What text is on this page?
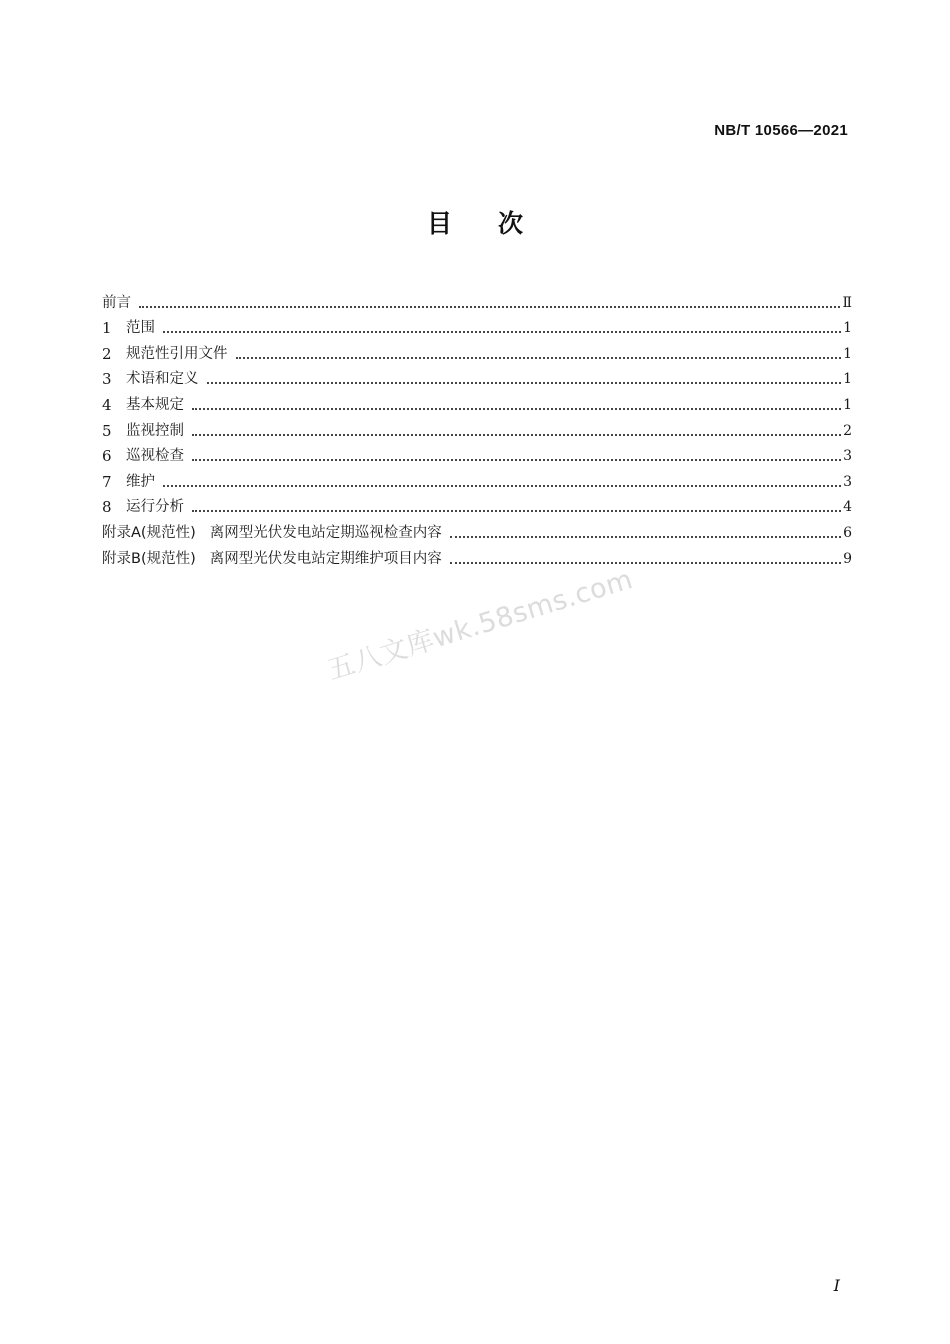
NB/T 10566—2021
目次
前言	Ⅱ
1 范围	1
2 规范性引用文件	1
3 术语和定义	1
4 基本规定	1
5 监视控制	2
6 巡视检查	3
7 维护	3
8 运行分析	4
附录A(规范性) 离网型光伏发电站定期巡视检查内容	6
附录B(规范性) 离网型光伏发电站定期维护项目内容	9
五八文库wk.58sms.com
I
